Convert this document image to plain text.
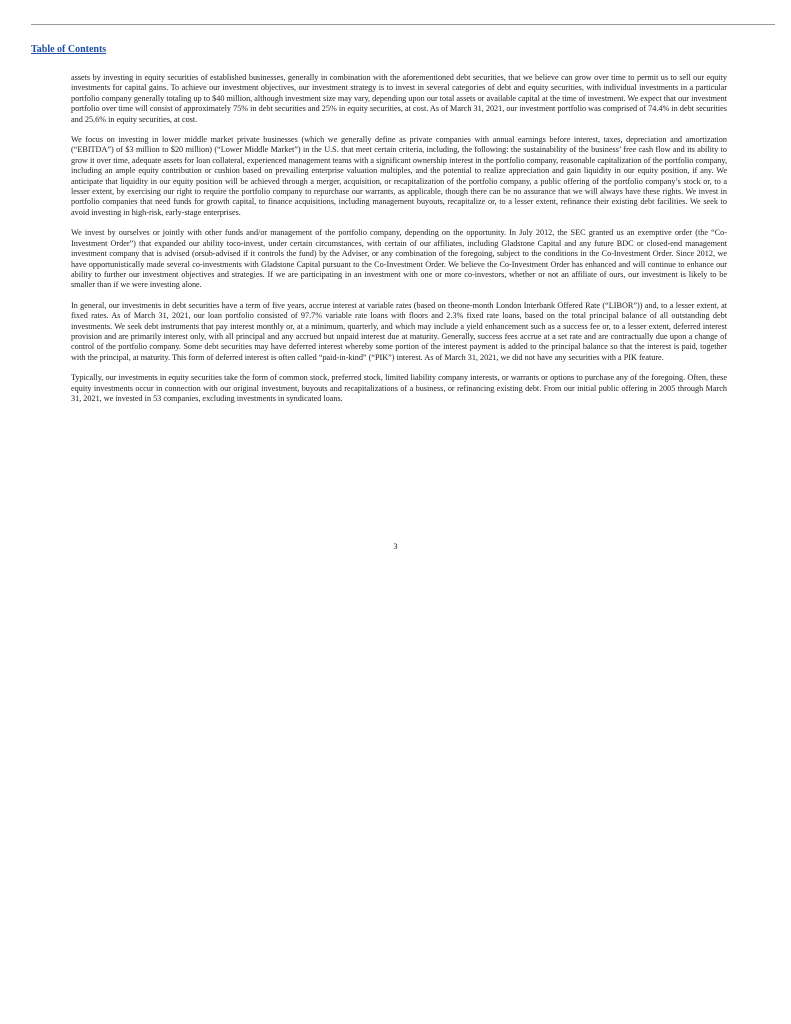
Table of Contents

assets by investing in equity securities of established businesses, generally in combination with the aforementioned debt securities, that we believe can grow over time to permit us to sell our equity investments for capital gains. To achieve our investment objectives, our investment strategy is to invest in several categories of debt and equity securities, with individual investments in a particular portfolio company generally totaling up to $40 million, although investment size may vary, depending upon our total assets or available capital at the time of investment. We expect that our investment portfolio over time will consist of approximately 75% in debt securities and 25% in equity securities, at cost. As of March 31, 2021, our investment portfolio was comprised of 74.4% in debt securities and 25.6% in equity securities, at cost.

We focus on investing in lower middle market private businesses (which we generally define as private companies with annual earnings before interest, taxes, depreciation and amortization (“EBITDA”) of $3 million to $20 million) (“Lower Middle Market”) in the U.S. that meet certain criteria, including, the following: the sustainability of the business’ free cash flow and its ability to grow it over time, adequate assets for loan collateral, experienced management teams with a significant ownership interest in the portfolio company, reasonable capitalization of the portfolio company, including an ample equity contribution or cushion based on prevailing enterprise valuation multiples, and the potential to realize appreciation and gain liquidity in our equity position, if any. We anticipate that liquidity in our equity position will be achieved through a merger, acquisition, or recapitalization of the portfolio company, a public offering of the portfolio company’s stock or, to a lesser extent, by exercising our right to require the portfolio company to repurchase our warrants, as applicable, though there can be no assurance that we will always have these rights. We invest in portfolio companies that need funds for growth capital, to finance acquisitions, including management buyouts, recapitalize or, to a lesser extent, refinance their existing debt facilities. We seek to avoid investing in high-risk, early-stage enterprises.

We invest by ourselves or jointly with other funds and/or management of the portfolio company, depending on the opportunity. In July 2012, the SEC granted us an exemptive order (the “Co-Investment Order”) that expanded our ability toco-invest, under certain circumstances, with certain of our affiliates, including Gladstone Capital and any future BDC or closed-end management investment company that is advised (orsub-advised if it controls the fund) by the Adviser, or any combination of the foregoing, subject to the conditions in the Co-Investment Order. Since 2012, we have opportunistically made several co-investments with Gladstone Capital pursuant to the Co-Investment Order. We believe the Co-Investment Order has enhanced and will continue to enhance our ability to further our investment objectives and strategies. If we are participating in an investment with one or more co-investors, whether or not an affiliate of ours, our investment is likely to be smaller than if we were investing alone.

In general, our investments in debt securities have a term of five years, accrue interest at variable rates (based on theone-month London Interbank Offered Rate (“LIBOR”)) and, to a lesser extent, at fixed rates. As of March 31, 2021, our loan portfolio consisted of 97.7% variable rate loans with floors and 2.3% fixed rate loans, based on the total principal balance of all outstanding debt investments. We seek debt instruments that pay interest monthly or, at a minimum, quarterly, and which may include a yield enhancement such as a success fee or, to a lesser extent, deferred interest provision and are primarily interest only, with all principal and any accrued but unpaid interest due at maturity. Generally, success fees accrue at a set rate and are contractually due upon a change of control of the portfolio company. Some debt securities may have deferred interest whereby some portion of the interest payment is added to the principal balance so that the interest is paid, together with the principal, at maturity. This form of deferred interest is often called “paid-in-kind” (“PIK”) interest. As of March 31, 2021, we did not have any securities with a PIK feature.

Typically, our investments in equity securities take the form of common stock, preferred stock, limited liability company interests, or warrants or options to purchase any of the foregoing. Often, these equity investments occur in connection with our original investment, buyouts and recapitalizations of a business, or refinancing existing debt. From our initial public offering in 2005 through March 31, 2021, we invested in 53 companies, excluding investments in syndicated loans.

3
